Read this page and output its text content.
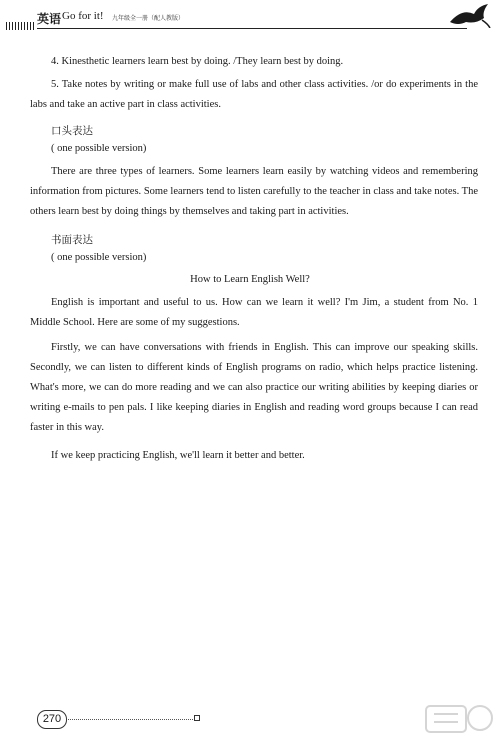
英语 Go for it! 九年级全一册（配人教版）
4. Kinesthetic learners learn best by doing. /They learn best by doing.
5. Take notes by writing or make full use of labs and other class activities. /or do experiments in the labs and take an active part in class activities.
口头表达
( one possible version)
There are three types of learners. Some learners learn easily by watching videos and remembering information from pictures. Some learners tend to listen carefully to the teacher in class and take notes. The others learn best by doing things by themselves and taking part in activities.
书面表达
( one possible version)
How to Learn English Well?
English is important and useful to us. How can we learn it well? I'm Jim, a student from No. 1 Middle School. Here are some of my suggestions.
Firstly, we can have conversations with friends in English. This can improve our speaking skills. Secondly, we can listen to different kinds of English programs on radio, which helps practice listening. What's more, we can do more reading and we can also practice our writing abilities by keeping diaries or writing e-mails to pen pals. I like keeping diaries in English and reading word groups because I can read faster in this way.
If we keep practicing English, we'll learn it better and better.
270
